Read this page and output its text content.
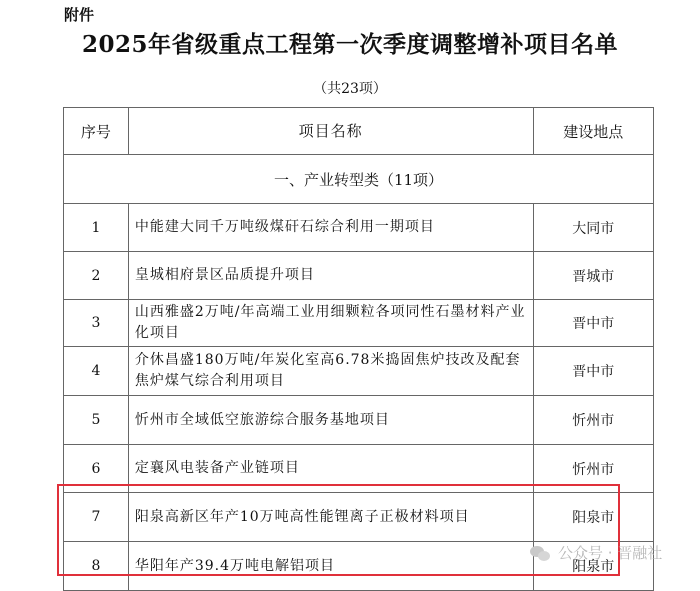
附件
2025年省级重点工程第一次季度调整增补项目名单
（共23项）
序号	项目名称	建设地点
一、产业转型类（11项）		
1	中能建大同千万吨级煤矸石综合利用一期项目	大同市
2	皇城相府景区品质提升项目	晋城市
3	山西雅盛2万吨/年高端工业用细颗粒各项同性石墨材料产业化项目	晋中市
4	介休昌盛180万吨/年炭化室高6.78米捣固焦炉技改及配套焦炉煤气综合利用项目	晋中市
5	忻州市全域低空旅游综合服务基地项目	忻州市
6	定襄风电装备产业链项目	忻州市
7	阳泉高新区年产10万吨高性能锂离子正极材料项目	阳泉市
8	华阳年产39.4万吨电解铝项目	阳泉市
公众号 · 晋融社
